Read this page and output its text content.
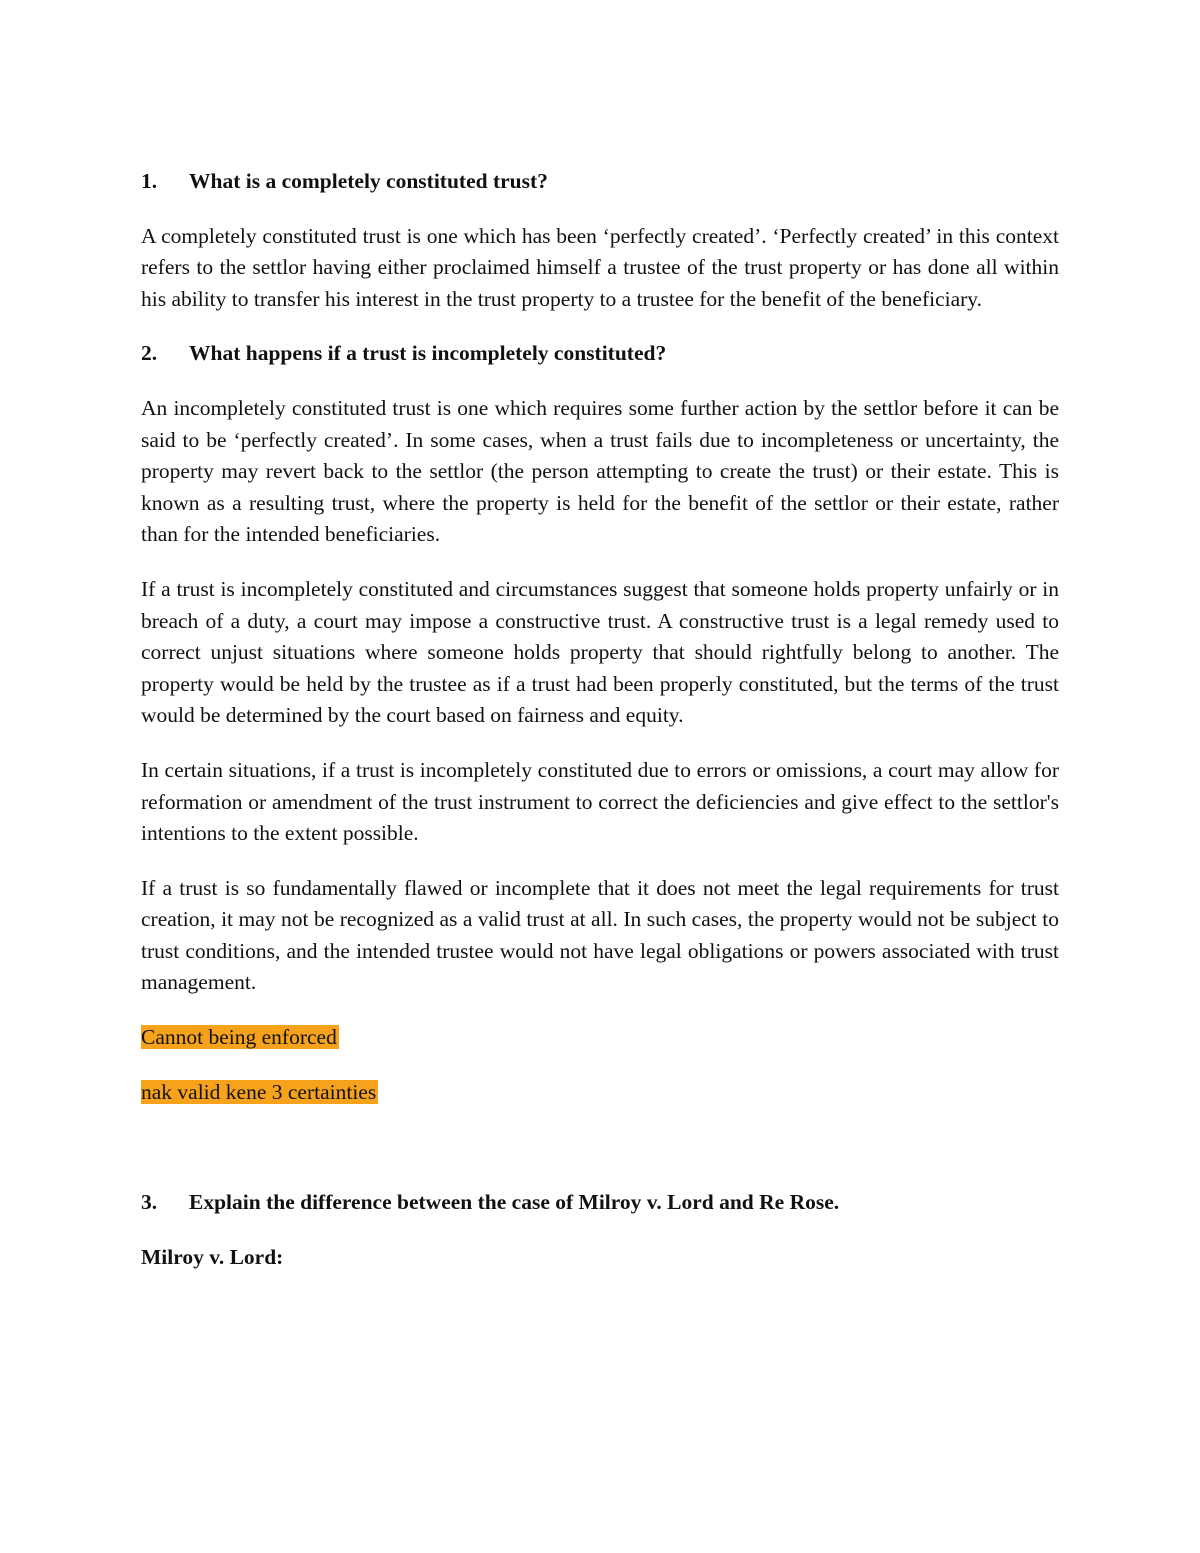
1.	What is a completely constituted trust?
A completely constituted trust is one which has been ‘perfectly created’. ‘Perfectly created’ in this context refers to the settlor having either proclaimed himself a trustee of the trust property or has done all within his ability to transfer his interest in the trust property to a trustee for the benefit of the beneficiary.
2.	What happens if a trust is incompletely constituted?
An incompletely constituted trust is one which requires some further action by the settlor before it can be said to be ‘perfectly created’. In some cases, when a trust fails due to incompleteness or uncertainty, the property may revert back to the settlor (the person attempting to create the trust) or their estate. This is known as a resulting trust, where the property is held for the benefit of the settlor or their estate, rather than for the intended beneficiaries.
If a trust is incompletely constituted and circumstances suggest that someone holds property unfairly or in breach of a duty, a court may impose a constructive trust. A constructive trust is a legal remedy used to correct unjust situations where someone holds property that should rightfully belong to another. The property would be held by the trustee as if a trust had been properly constituted, but the terms of the trust would be determined by the court based on fairness and equity.
In certain situations, if a trust is incompletely constituted due to errors or omissions, a court may allow for reformation or amendment of the trust instrument to correct the deficiencies and give effect to the settlor's intentions to the extent possible.
If a trust is so fundamentally flawed or incomplete that it does not meet the legal requirements for trust creation, it may not be recognized as a valid trust at all. In such cases, the property would not be subject to trust conditions, and the intended trustee would not have legal obligations or powers associated with trust management.
Cannot being enforced
nak valid kene 3 certainties
3.	Explain the difference between the case of Milroy v. Lord and Re Rose.
Milroy v. Lord:
